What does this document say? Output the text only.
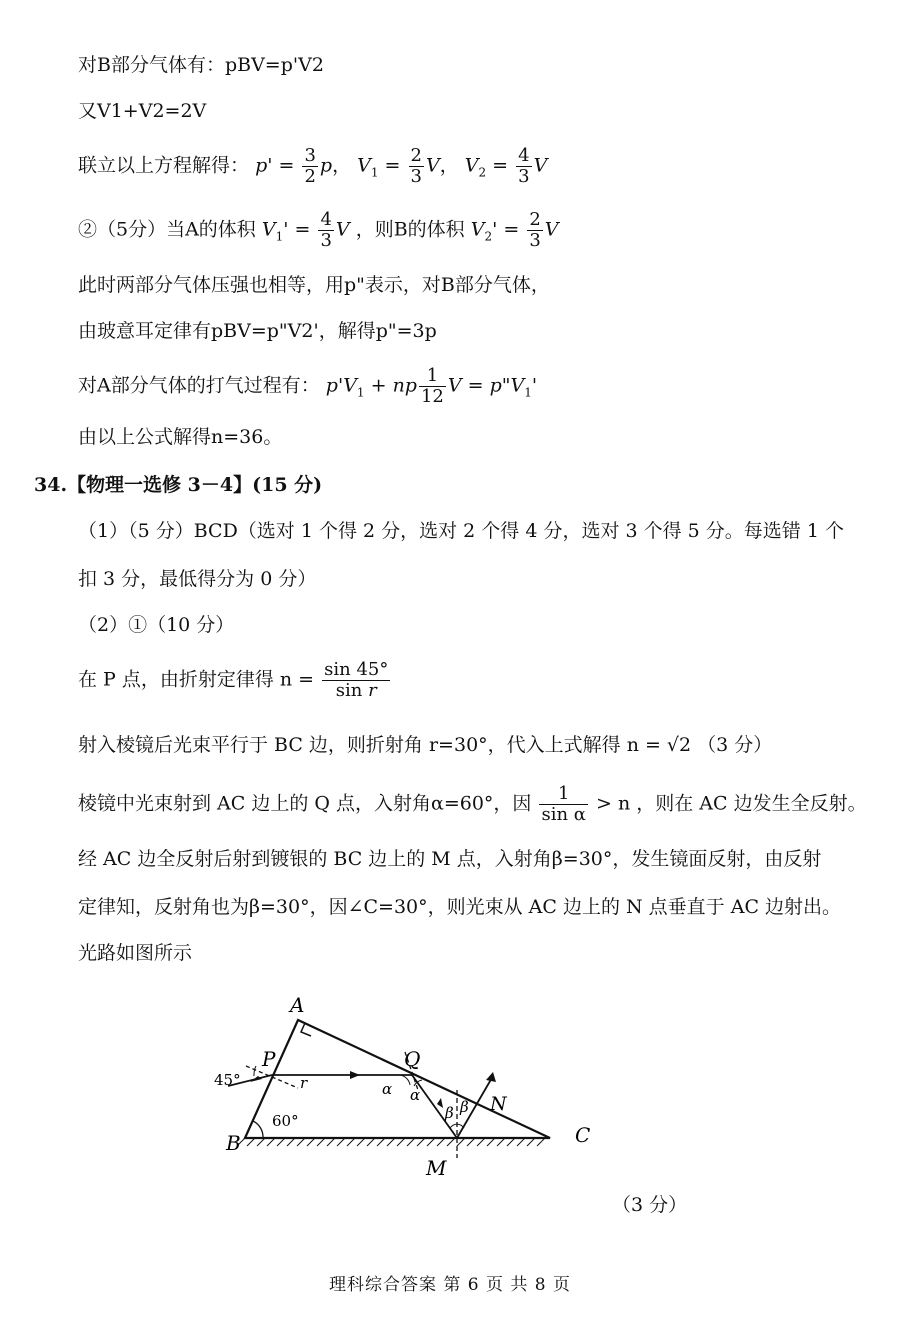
对B部分气体有：pBV=p'V2
又V1+V2=2V
联立以上方程解得： $p' = \frac{3}{2}$ p， $V_1 = \frac{2}{3}$ V， $V_2 = \frac{4}{3}$ V
②（5分）当A的体积 $V_1' = \frac{4}{3}$ V ，则B的体积 $V_2' = \frac{2}{3}$ V
此时两部分气体压强也相等，用p"表示，对B部分气体，
由玻意耳定律有pBV=p"V2'，解得p"=3p
对A部分气体的打气过程有： $p'V_1$ + np $\frac{1}{12}$ $V = p"V_1'$
由以上公式解得n=36。
34.【物理一选修 3－4】(15 分)
（1）（5 分）BCD（选对 1 个得 2 分，选对 2 个得 4 分，选对 3 个得 5 分。每选错 1 个
扣 3 分，最低得分为 0 分）
（2）①（10 分）
在 P 点，由折射定律得 $n = \frac{\sin 45^\circ}{\text{sin r}}$
射入棱镜后光束平行于 BC 边，则折射角 r=30°，代入上式解得 n = √2 （3 分）
棱镜中光束射到 AC 边上的 Q 点，入射角α=60°，因 $\frac{1}{\text{sin α}} > n$ ，则在 AC 边发生全反射。
经 AC 边全反射后射到镀银的 BC 边上的 M 点，入射角β=30°，发生镜面反射，由反射
定律知，反射角也为β=30°，因∠C=30°，则光束从 AC 边上的 N 点垂直于 AC 边射出。
光路如图所示
A
B	C
P	Q
M
N
45°
60°
r	α α
β β
（3 分）
理科综合答案 第 6 页 共 8 页
